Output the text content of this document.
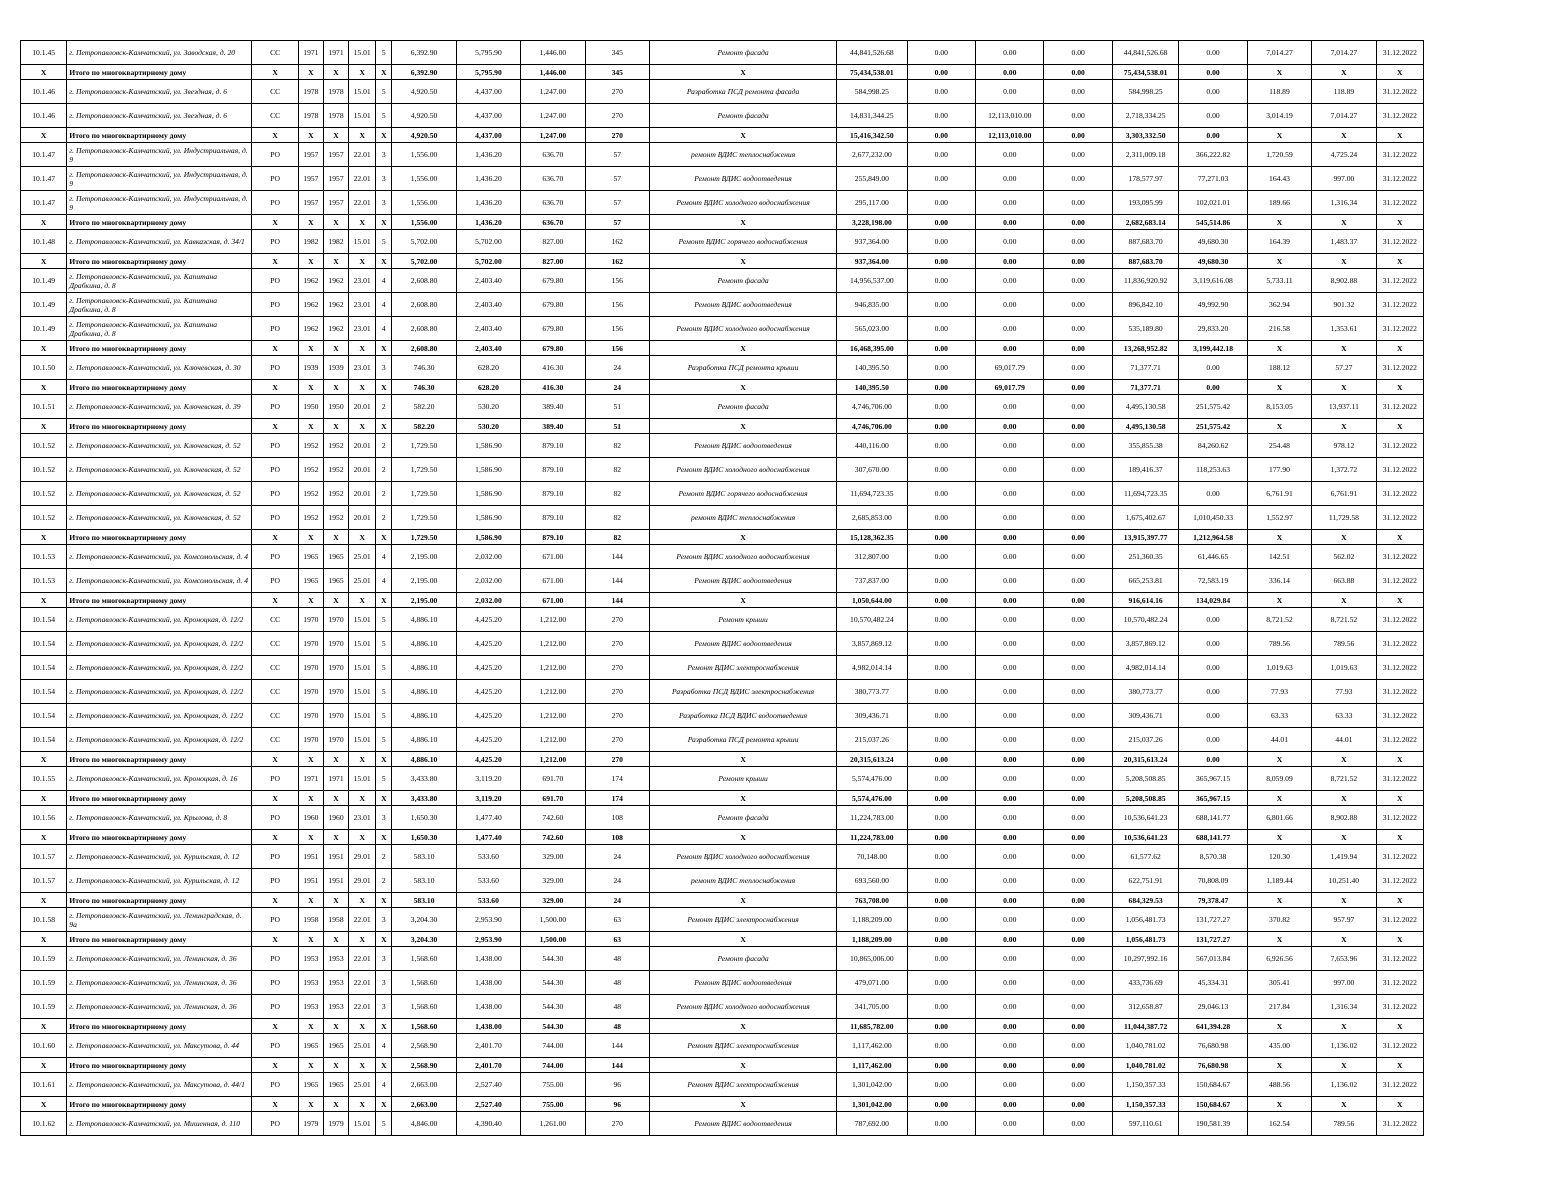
10.1.45	г. Петропавловск-Камчатский, ул. Заводская, д. 20	СС	1971	1971	15.01	5	6,392.90	5,795.90	1,446.00	345	Ремонт фасада	44,841,526.68	0.00	0.00	0.00	44,841,526.68	0.00	7,014.27	7,014.27	31.12.2022
X	Итого по многоквартирному дому	X	X	X	X	X	6,392.90	5,795.90	1,446.00	345	X	75,434,538.01	0.00	0.00	0.00	75,434,538.01	0.00	X	X	X
10.1.46	г. Петропавловск-Камчатский, ул. Звездная, д. 6	СС	1978	1978	15.01	5	4,920.50	4,437.00	1,247.00	270	Разработка ПСД ремонта фасада	584,998.25	0.00	0.00	0.00	584,998.25	0.00	118.89	118.89	31.12.2022
10.1.46	г. Петропавловск-Камчатский, ул. Звездная, д. 6	СС	1978	1978	15.01	5	4,920.50	4,437.00	1,247.00	270	Ремонт фасада	14,831,344.25	0.00	12,113,010.00	0.00	2,718,334.25	0.00	3,014.19	7,014.27	31.12.2022
X	Итого по многоквартирному дому	X	X	X	X	X	4,920.50	4,437.00	1,247.00	270	X	15,416,342.50	0.00	12,113,010.00	0.00	3,303,332.50	0.00	X	X	X
10.1.47	г. Петропавловск-Камчатский, ул. Индустриальная, д. 9	РО	1957	1957	22.01	3	1,556.00	1,436.20	636.70	57	ремонт ВДИС теплоснабжения	2,677,232.00	0.00	0.00	0.00	2,311,009.18	366,222.82	1,720.59	4,725.24	31.12.2022
10.1.47	г. Петропавловск-Камчатский, ул. Индустриальная, д. 9	РО	1957	1957	22.01	3	1,556.00	1,436.20	636.70	57	Ремонт ВДИС водоотведения	255,849.00	0.00	0.00	0.00	178,577.97	77,271.03	164.43	997.00	31.12.2022
10.1.47	г. Петропавловск-Камчатский, ул. Индустриальная, д. 9	РО	1957	1957	22.01	3	1,556.00	1,436.20	636.70	57	Ремонт ВДИС холодного водоснабжения	295,117.00	0.00	0.00	0.00	193,095.99	102,021.01	189.66	1,316.34	31.12.2022
X	Итого по многоквартирному дому	X	X	X	X	X	1,556.00	1,436.20	636.70	57	X	3,228,198.00	0.00	0.00	0.00	2,682,683.14	545,514.86	X	X	X
10.1.48	г. Петропавловск-Камчатский, ул. Кавказская, д. 34/1	РО	1982	1982	15.01	5	5,702.00	5,702.00	827.00	162	Ремонт ВДИС горячего водоснабжения	937,364.00	0.00	0.00	0.00	887,683.70	49,680.30	164.39	1,483.37	31.12.2022
X	Итого по многоквартирному дому	X	X	X	X	X	5,702.00	5,702.00	827.00	162	X	937,364.00	0.00	0.00	0.00	887,683.70	49,680.30	X	X	X
10.1.49	г. Петропавловск-Камчатский, ул. Капитана Драбкина, д. 8	РО	1962	1962	23.01	4	2,608.80	2,403.40	679.80	156	Ремонт фасада	14,956,537.00	0.00	0.00	0.00	11,836,920.92	3,119,616.08	5,733.11	8,902.88	31.12.2022
10.1.49	г. Петропавловск-Камчатский, ул. Капитана Драбкина, д. 8	РО	1962	1962	23.01	4	2,608.80	2,403.40	679.80	156	Ремонт ВДИС водоотведения	946,835.00	0.00	0.00	0.00	896,842.10	49,992.90	362.94	901.32	31.12.2022
10.1.49	г. Петропавловск-Камчатский, ул. Капитана Драбкина, д. 8	РО	1962	1962	23.01	4	2,608.80	2,403.40	679.80	156	Ремонт ВДИС холодного водоснабжения	565,023.00	0.00	0.00	0.00	535,189.80	29,833.20	216.58	1,353.61	31.12.2022
X	Итого по многоквартирному дому	X	X	X	X	X	2,608.80	2,403.40	679.80	156	X	16,468,395.00	0.00	0.00	0.00	13,268,952.82	3,199,442.18	X	X	X
10.1.50	г. Петропавловск-Камчатский, ул. Ключевская, д. 30	РО	1939	1939	23.01	3	746.30	628.20	416.30	24	Разработка ПСД ремонта крыши	140,395.50	0.00	69,017.79	0.00	71,377.71	0.00	188.12	57.27	31.12.2022
X	Итого по многоквартирному дому	X	X	X	X	X	746.30	628.20	416.30	24	X	140,395.50	0.00	69,017.79	0.00	71,377.71	0.00	X	X	X
10.1.51	г. Петропавловск-Камчатский, ул. Ключевская, д. 39	РО	1950	1950	20.01	2	582.20	530.20	389.40	51	Ремонт фасада	4,746,706.00	0.00	0.00	0.00	4,495,130.58	251,575.42	8,153.05	13,937.11	31.12.2022
X	Итого по многоквартирному дому	X	X	X	X	X	582.20	530.20	389.40	51	X	4,746,706.00	0.00	0.00	0.00	4,495,130.58	251,575.42	X	X	X
10.1.52	г. Петропавловск-Камчатский, ул. Ключевская, д. 52	РО	1952	1952	20.01	2	1,729.50	1,586.90	879.10	82	Ремонт ВДИС водоотведения	440,116.00	0.00	0.00	0.00	355,855.38	84,260.62	254.48	978.12	31.12.2022
10.1.52	г. Петропавловск-Камчатский, ул. Ключевская, д. 52	РО	1952	1952	20.01	2	1,729.50	1,586.90	879.10	82	Ремонт ВДИС холодного водоснабжения	307,670.00	0.00	0.00	0.00	189,416.37	118,253.63	177.90	1,372.72	31.12.2022
10.1.52	г. Петропавловск-Камчатский, ул. Ключевская, д. 52	РО	1952	1952	20.01	2	1,729.50	1,586.90	879.10	82	Ремонт ВДИС горячего водоснабжения	11,694,723.35	0.00	0.00	0.00	11,694,723.35	0.00	6,761.91	6,761.91	31.12.2022
10.1.52	г. Петропавловск-Камчатский, ул. Ключевская, д. 52	РО	1952	1952	20.01	2	1,729.50	1,586.90	879.10	82	ремонт ВДИС теплоснабжения	2,685,853.00	0.00	0.00	0.00	1,675,402.67	1,010,450.33	1,552.97	11,729.58	31.12.2022
X	Итого по многоквартирному дому	X	X	X	X	X	1,729.50	1,586.90	879.10	82	X	15,128,362.35	0.00	0.00	0.00	13,915,397.77	1,212,964.58	X	X	X
10.1.53	г. Петропавловск-Камчатский, ул. Комсомольская, д. 4	РО	1965	1965	25.01	4	2,195.00	2,032.00	671.00	144	Ремонт ВДИС холодного водоснабжения	312,807.00	0.00	0.00	0.00	251,360.35	61,446.65	142.51	562.02	31.12.2022
10.1.53	г. Петропавловск-Камчатский, ул. Комсомольская, д. 4	РО	1965	1965	25.01	4	2,195.00	2,032.00	671.00	144	Ремонт ВДИС водоотведения	737,837.00	0.00	0.00	0.00	665,253.81	72,583.19	336.14	663.88	31.12.2022
X	Итого по многоквартирному дому	X	X	X	X	X	2,195.00	2,032.00	671.00	144	X	1,050,644.00	0.00	0.00	0.00	916,614.16	134,029.84	X	X	X
10.1.54	г. Петропавловск-Камчатский, ул. Кроноцкая, д. 12/2	СС	1970	1970	15.01	5	4,886.10	4,425.20	1,212.00	270	Ремонт крыши	10,570,482.24	0.00	0.00	0.00	10,570,482.24	0.00	8,721.52	8,721.52	31.12.2022
10.1.54	г. Петропавловск-Камчатский, ул. Кроноцкая, д. 12/2	СС	1970	1970	15.01	5	4,886.10	4,425.20	1,212.00	270	Ремонт ВДИС водоотведения	3,857,869.12	0.00	0.00	0.00	3,857,869.12	0.00	789.56	789.56	31.12.2022
10.1.54	г. Петропавловск-Камчатский, ул. Кроноцкая, д. 12/2	СС	1970	1970	15.01	5	4,886.10	4,425.20	1,212.00	270	Ремонт ВДИС электроснабжения	4,982,014.14	0.00	0.00	0.00	4,982,014.14	0.00	1,019.63	1,019.63	31.12.2022
10.1.54	г. Петропавловск-Камчатский, ул. Кроноцкая, д. 12/2	СС	1970	1970	15.01	5	4,886.10	4,425.20	1,212.00	270	Разработка ПСД ВДИС электроснабжения	380,773.77	0.00	0.00	0.00	380,773.77	0.00	77.93	77.93	31.12.2022
10.1.54	г. Петропавловск-Камчатский, ул. Кроноцкая, д. 12/2	СС	1970	1970	15.01	5	4,886.10	4,425.20	1,212.00	270	Разработка ПСД ВДИС водоотведения	309,436.71	0.00	0.00	0.00	309,436.71	0.00	63.33	63.33	31.12.2022
10.1.54	г. Петропавловск-Камчатский, ул. Кроноцкая, д. 12/2	СС	1970	1970	15.01	5	4,886.10	4,425.20	1,212.00	270	Разработка ПСД ремонта крыши	215,037.26	0.00	0.00	0.00	215,037.26	0.00	44.01	44.01	31.12.2022
X	Итого по многоквартирному дому	X	X	X	X	X	4,886.10	4,425.20	1,212.00	270	X	20,315,613.24	0.00	0.00	0.00	20,315,613.24	0.00	X	X	X
10.1.55	г. Петропавловск-Камчатский, ул. Кроноцкая, д. 16	РО	1971	1971	15.01	5	3,433.80	3,119.20	691.70	174	Ремонт крыши	5,574,476.00	0.00	0.00	0.00	5,208,508.85	365,967.15	8,059.09	8,721.52	31.12.2022
X	Итого по многоквартирному дому	X	X	X	X	X	3,433.80	3,119.20	691.70	174	X	5,574,476.00	0.00	0.00	0.00	5,208,508.85	365,967.15	X	X	X
10.1.56	г. Петропавловск-Камчатский, ул. Крылова, д. 8	РО	1960	1960	23.01	3	1,650.30	1,477.40	742.60	108	Ремонт фасада	11,224,783.00	0.00	0.00	0.00	10,536,641.23	688,141.77	6,801.66	8,902.88	31.12.2022
X	Итого по многоквартирному дому	X	X	X	X	X	1,650.30	1,477.40	742.60	108	X	11,224,783.00	0.00	0.00	0.00	10,536,641.23	688,141.77	X	X	X
10.1.57	г. Петропавловск-Камчатский, ул. Курильская, д. 12	РО	1951	1951	29.01	2	583.10	533.60	329.00	24	Ремонт ВДИС холодного водоснабжения	70,148.00	0.00	0.00	0.00	61,577.62	8,570.38	120.30	1,419.94	31.12.2022
10.1.57	г. Петропавловск-Камчатский, ул. Курильская, д. 12	РО	1951	1951	29.01	2	583.10	533.60	329.00	24	ремонт ВДИС теплоснабжения	693,560.00	0.00	0.00	0.00	622,751.91	70,808.09	1,189.44	10,251.40	31.12.2022
X	Итого по многоквартирному дому	X	X	X	X	X	583.10	533.60	329.00	24	X	763,708.00	0.00	0.00	0.00	684,329.53	79,378.47	X	X	X
10.1.58	г. Петропавловск-Камчатский, ул. Ленинградская, д. 9а	РО	1958	1958	22.01	3	3,204.30	2,953.90	1,500.00	63	Ремонт ВДИС электроснабжения	1,188,209.00	0.00	0.00	0.00	1,056,481.73	131,727.27	370.82	957.97	31.12.2022
X	Итого по многоквартирному дому	X	X	X	X	X	3,204.30	2,953.90	1,500.00	63	X	1,188,209.00	0.00	0.00	0.00	1,056,481.73	131,727.27	X	X	X
10.1.59	г. Петропавловск-Камчатский, ул. Ленинская, д. 36	РО	1953	1953	22.01	3	1,568.60	1,438.00	544.30	48	Ремонт фасада	10,865,006.00	0.00	0.00	0.00	10,297,992.16	567,013.84	6,926.56	7,653.96	31.12.2022
10.1.59	г. Петропавловск-Камчатский, ул. Ленинская, д. 36	РО	1953	1953	22.01	3	1,568.60	1,438.00	544.30	48	Ремонт ВДИС водоотведения	479,071.00	0.00	0.00	0.00	433,736.69	45,334.31	305.41	997.00	31.12.2022
10.1.59	г. Петропавловск-Камчатский, ул. Ленинская, д. 36	РО	1953	1953	22.01	3	1,568.60	1,438.00	544.30	48	Ремонт ВДИС холодного водоснабжения	341,705.00	0.00	0.00	0.00	312,658.87	29,046.13	217.84	1,316.34	31.12.2022
X	Итого по многоквартирному дому	X	X	X	X	X	1,568.60	1,438.00	544.30	48	X	11,685,782.00	0.00	0.00	0.00	11,044,387.72	641,394.28	X	X	X
10.1.60	г. Петропавловск-Камчатский, ул. Максутова, д. 44	РО	1965	1965	25.01	4	2,568.90	2,401.70	744.00	144	Ремонт ВДИС электроснабжения	1,117,462.00	0.00	0.00	0.00	1,040,781.02	76,680.98	435.00	1,136.02	31.12.2022
X	Итого по многоквартирному дому	X	X	X	X	X	2,568.90	2,401.70	744.00	144	X	1,117,462.00	0.00	0.00	0.00	1,040,781.02	76,680.98	X	X	X
10.1.61	г. Петропавловск-Камчатский, ул. Максутова, д. 44/1	РО	1965	1965	25.01	4	2,663.00	2,527.40	755.00	96	Ремонт ВДИС электроснабжения	1,301,042.00	0.00	0.00	0.00	1,150,357.33	150,684.67	488.56	1,136.02	31.12.2022
X	Итого по многоквартирному дому	X	X	X	X	X	2,663.00	2,527.40	755.00	96	X	1,301,042.00	0.00	0.00	0.00	1,150,357.33	150,684.67	X	X	X
10.1.62	г. Петропавловск-Камчатский, ул. Мишенная, д. 110	РО	1979	1979	15.01	5	4,846.00	4,390.40	1,261.00	270	Ремонт ВДИС водоотведения	787,692.00	0.00	0.00	0.00	597,110.61	190,581.39	162.54	789.56	31.12.2022
